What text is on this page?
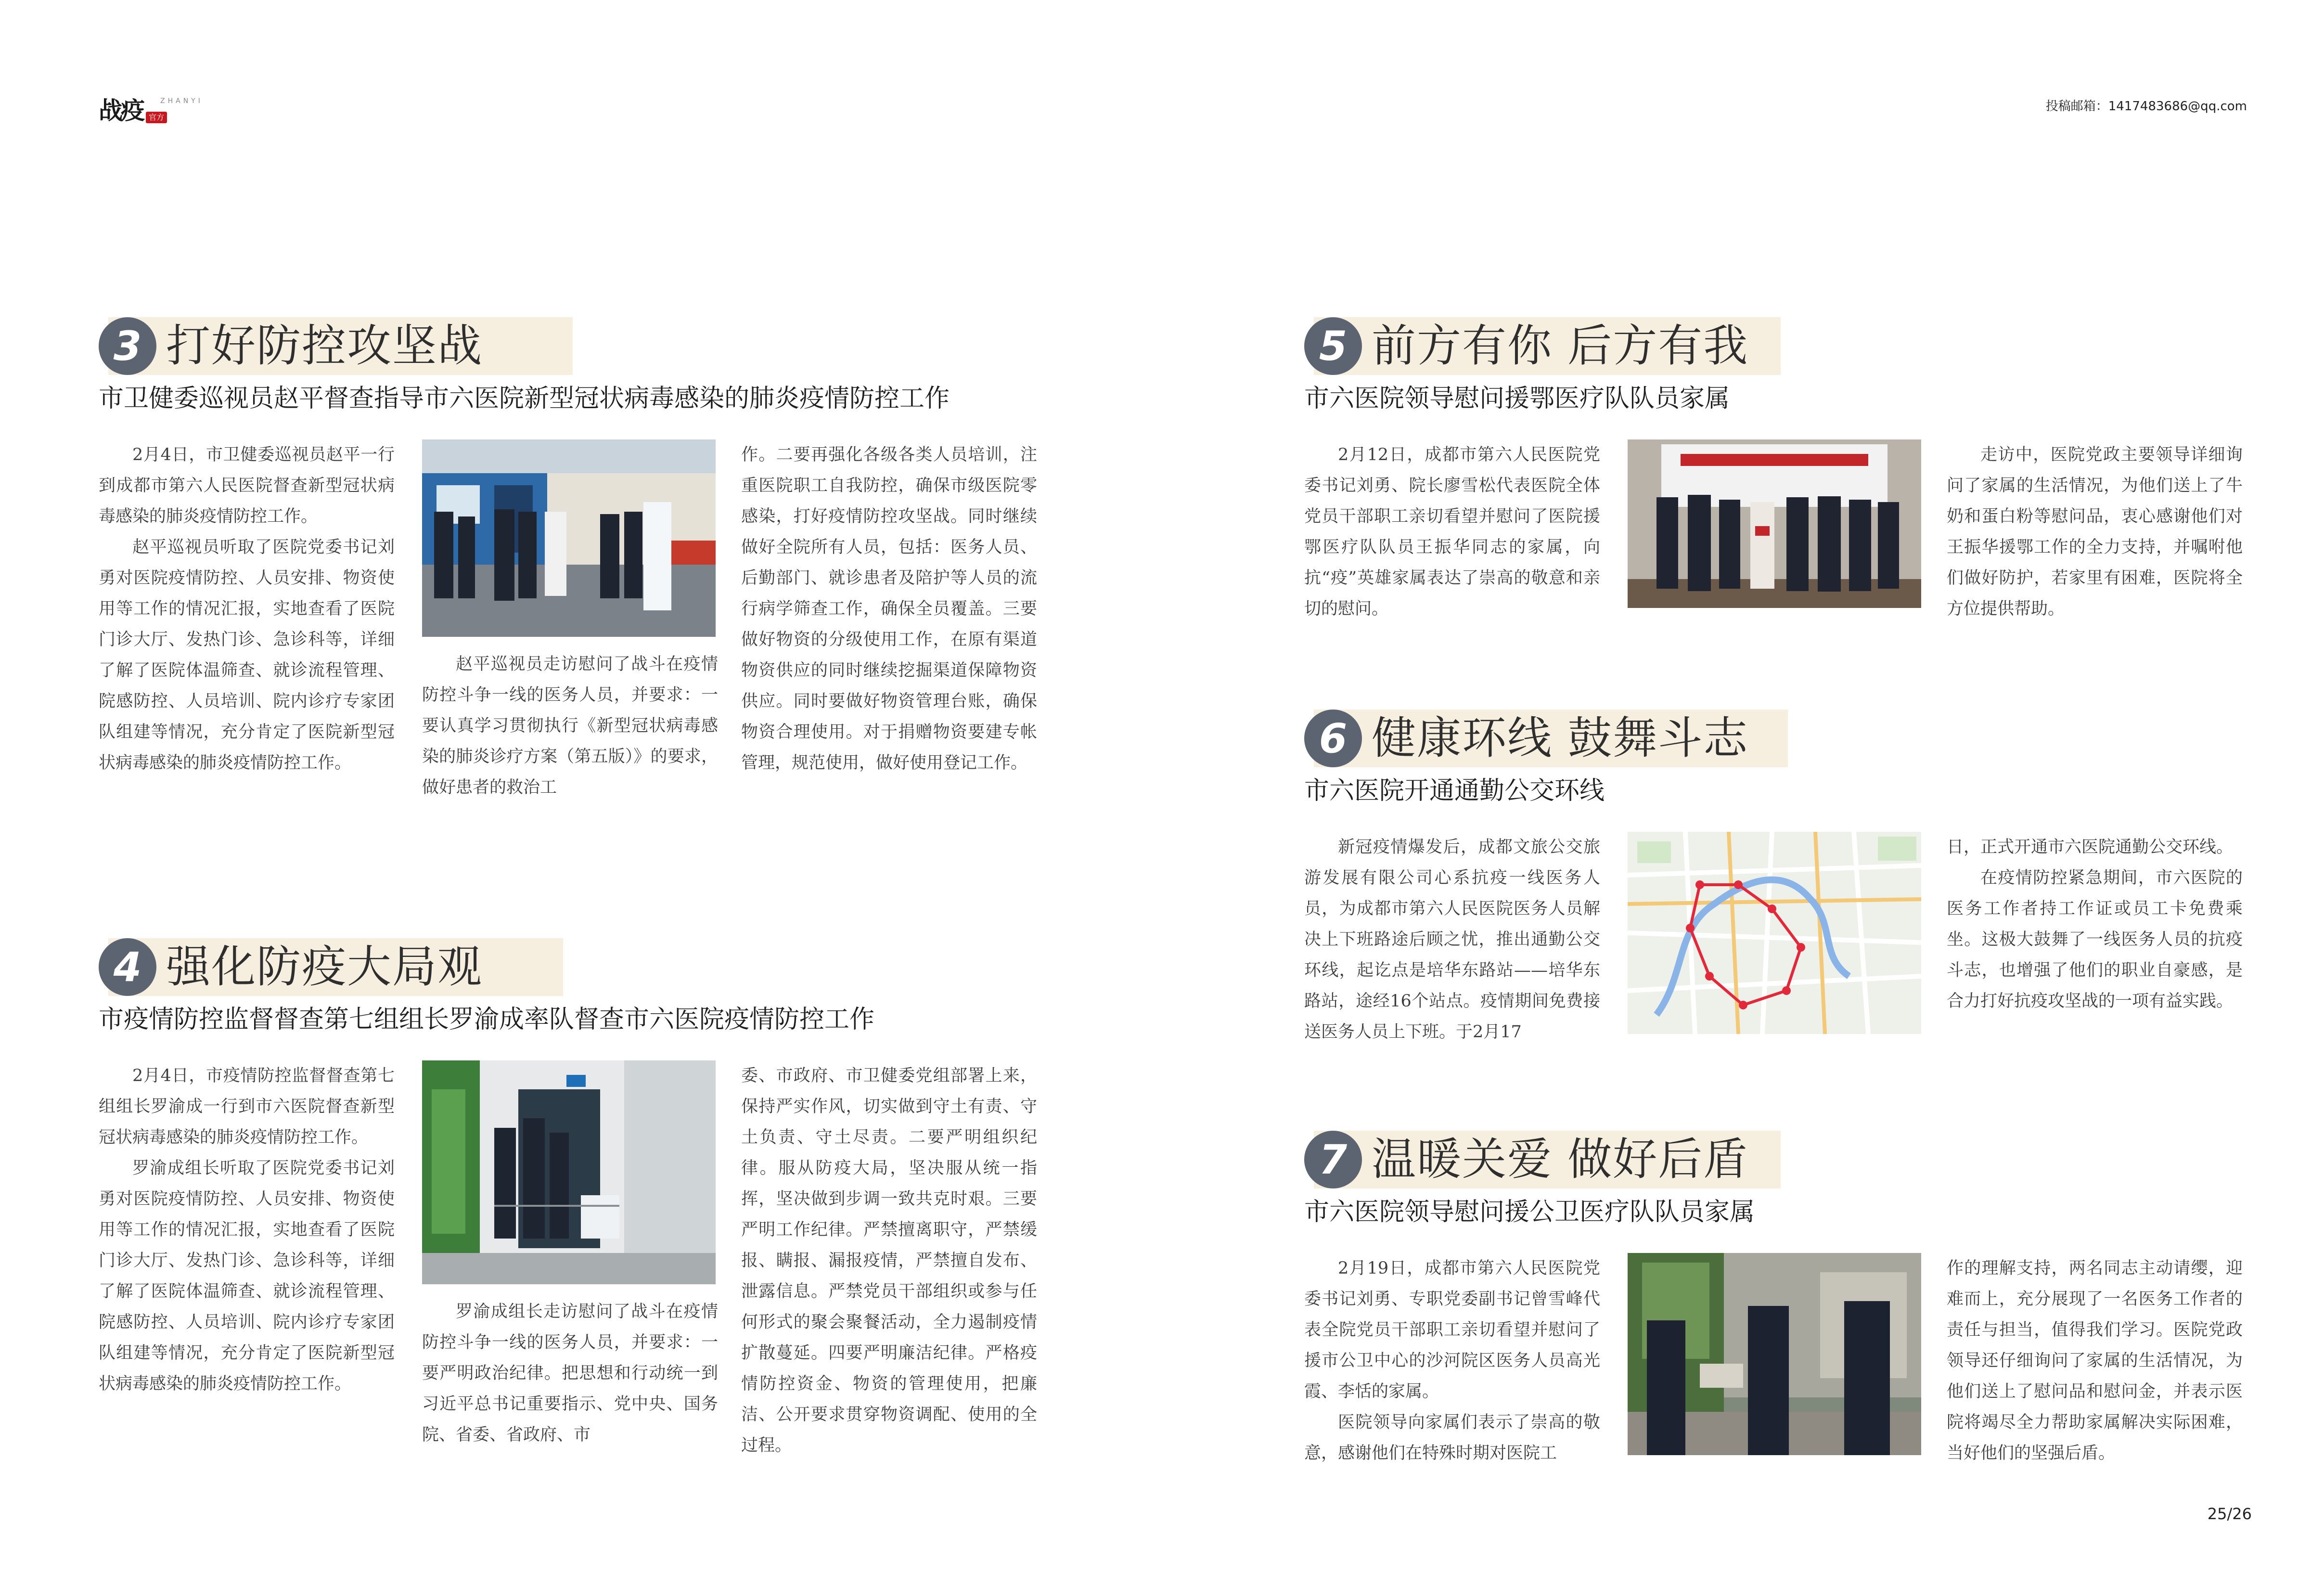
战疫	ZHANYI
官方
投稿邮箱：1417483686@qq.com
3 打好防控攻坚战
市卫健委巡视员赵平督查指导市六医院新型冠状病毒感染的肺炎疫情防控工作

2月4日，市卫健委巡视员赵平一行到成都市第六人民医院督查新型冠状病毒感染的肺炎疫情防控工作。

赵平巡视员听取了医院党委书记刘勇对医院疫情防控、人员安排、物资使用等工作的情况汇报，实地查看了医院门诊大厅、发热门诊、急诊科等，详细了解了医院体温筛查、就诊流程管理、院感防控、人员培训、院内诊疗专家团队组建等情况，充分肯定了医院新型冠状病毒感染的肺炎疫情防控工作。

赵平巡视员走访慰问了战斗在疫情防控斗争一线的医务人员，并要求：一要认真学习贯彻执行《新型冠状病毒感染的肺炎诊疗方案（第五版）》的要求，做好患者的救治工

作。二要再强化各级各类人员培训，注重医院职工自我防控，确保市级医院零感染，打好疫情防控攻坚战。同时继续做好全院所有人员，包括：医务人员、后勤部门、就诊患者及陪护等人员的流行病学筛查工作，确保全员覆盖。三要做好物资的分级使用工作，在原有渠道物资供应的同时继续挖掘渠道保障物资供应。同时要做好物资管理台账，确保物资合理使用。对于捐赠物资要建专帐管理，规范使用，做好使用登记工作。

4 强化防疫大局观
市疫情防控监督督查第七组组长罗渝成率队督查市六医院疫情防控工作

2月4日，市疫情防控监督督查第七组组长罗渝成一行到市六医院督查新型冠状病毒感染的肺炎疫情防控工作。

罗渝成组长听取了医院党委书记刘勇对医院疫情防控、人员安排、物资使用等工作的情况汇报，实地查看了医院门诊大厅、发热门诊、急诊科等，详细了解了医院体温筛查、就诊流程管理、院感防控、人员培训、院内诊疗专家团队组建等情况，充分肯定了医院新型冠状病毒感染的肺炎疫情防控工作。

罗渝成组长走访慰问了战斗在疫情防控斗争一线的医务人员，并要求：一要严明政治纪律。把思想和行动统一到习近平总书记重要指示、党中央、国务院、省委、省政府、市

委、市政府、市卫健委党组部署上来，保持严实作风，切实做到守土有责、守土负责、守土尽责。二要严明组织纪律。服从防疫大局，坚决服从统一指挥，坚决做到步调一致共克时艰。三要严明工作纪律。严禁擅离职守，严禁缓报、瞒报、漏报疫情，严禁擅自发布、泄露信息。严禁党员干部组织或参与任何形式的聚会聚餐活动，全力遏制疫情扩散蔓延。四要严明廉洁纪律。严格疫情防控资金、物资的管理使用，把廉洁、公开要求贯穿物资调配、使用的全过程。

5 前方有你 后方有我
市六医院领导慰问援鄂医疗队队员家属

2月12日，成都市第六人民医院党委书记刘勇、院长廖雪松代表医院全体党员干部职工亲切看望并慰问了医院援鄂医疗队队员王振华同志的家属，向抗“疫”英雄家属表达了崇高的敬意和亲切的慰问。

走访中，医院党政主要领导详细询问了家属的生活情况，为他们送上了牛奶和蛋白粉等慰问品，衷心感谢他们对王振华援鄂工作的全力支持，并嘱咐他们做好防护，若家里有困难，医院将全方位提供帮助。

6 健康环线 鼓舞斗志
市六医院开通通勤公交环线

新冠疫情爆发后，成都文旅公交旅游发展有限公司心系抗疫一线医务人员，为成都市第六人民医院医务人员解决上下班路途后顾之忧，推出通勤公交环线，起讫点是培华东路站——培华东路站，途经16个站点。疫情期间免费接送医务人员上下班。于2月17

日，正式开通市六医院通勤公交环线。

在疫情防控紧急期间，市六医院的医务工作者持工作证或员工卡免费乘坐。这极大鼓舞了一线医务人员的抗疫斗志，也增强了他们的职业自豪感，是合力打好抗疫攻坚战的一项有益实践。

7 温暖关爱 做好后盾
市六医院领导慰问援公卫医疗队队员家属

2月19日，成都市第六人民医院党委书记刘勇、专职党委副书记曾雪峰代表全院党员干部职工亲切看望并慰问了援市公卫中心的沙河院区医务人员高光霞、李恬的家属。

医院领导向家属们表示了崇高的敬意，感谢他们在特殊时期对医院工

作的理解支持，两名同志主动请缨，迎难而上，充分展现了一名医务工作者的责任与担当，值得我们学习。医院党政领导还仔细询问了家属的生活情况，为他们送上了慰问品和慰问金，并表示医院将竭尽全力帮助家属解决实际困难，当好他们的坚强后盾。

25/26
